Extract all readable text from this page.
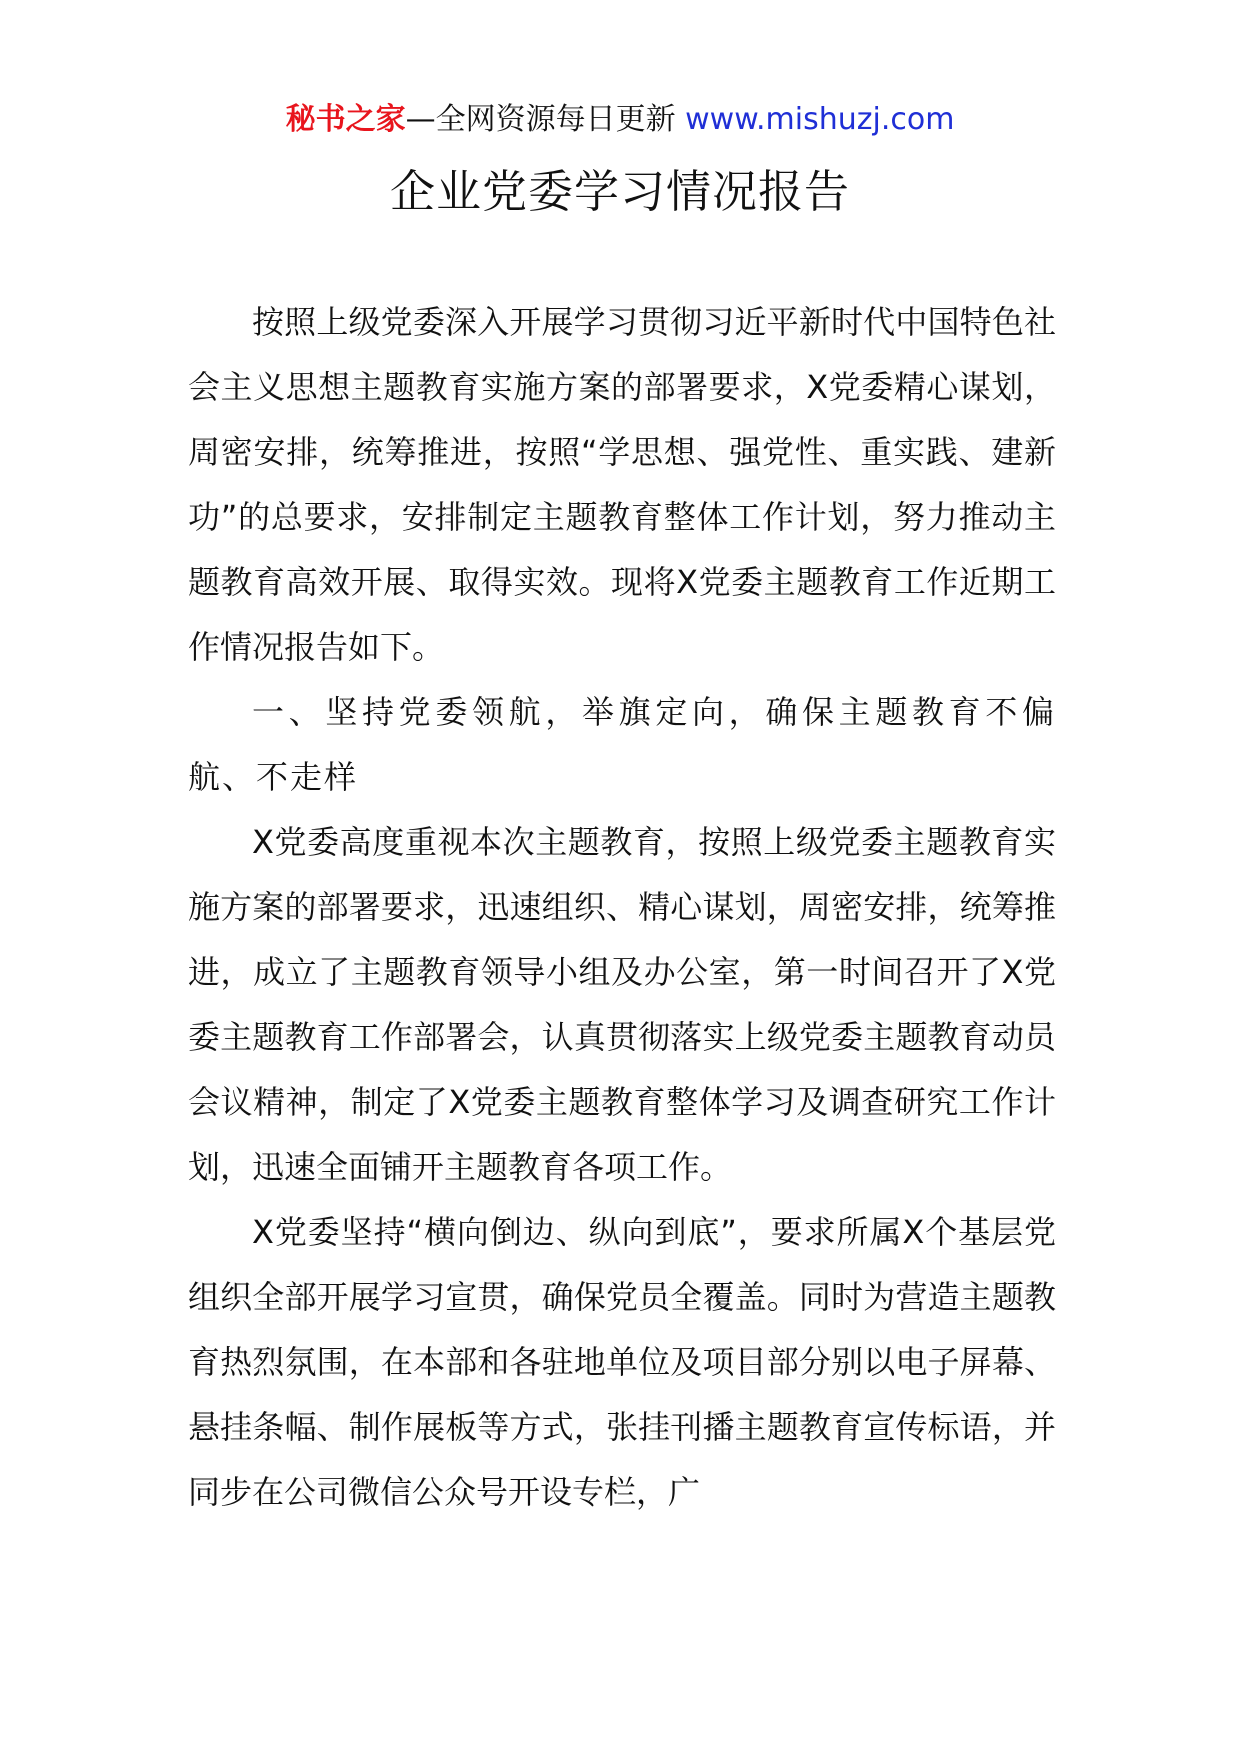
秘书之家—全网资源每日更新 www.mishuzj.com
企业党委学习情况报告

按照上级党委深入开展学习贯彻习近平新时代中国特色社会主义思想主题教育实施方案的部署要求，X党委精心谋划，周密安排，统筹推进，按照“学思想、强党性、重实践、建新功”的总要求，安排制定主题教育整体工作计划，努力推动主题教育高效开展、取得实效。现将X党委主题教育工作近期工作情况报告如下。

一、坚持党委领航，举旗定向，确保主题教育不偏航、不走样

X党委高度重视本次主题教育，按照上级党委主题教育实施方案的部署要求，迅速组织、精心谋划，周密安排，统筹推进，成立了主题教育领导小组及办公室，第一时间召开了X党委主题教育工作部署会，认真贯彻落实上级党委主题教育动员会议精神，制定了X党委主题教育整体学习及调查研究工作计划，迅速全面铺开主题教育各项工作。

X党委坚持“横向倒边、纵向到底”，要求所属X个基层党组织全部开展学习宣贯，确保党员全覆盖。同时为营造主题教育热烈氛围，在本部和各驻地单位及项目部分别以电子屏幕、悬挂条幅、制作展板等方式，张挂刊播主题教育宣传标语，并同步在公司微信公众号开设专栏，广
